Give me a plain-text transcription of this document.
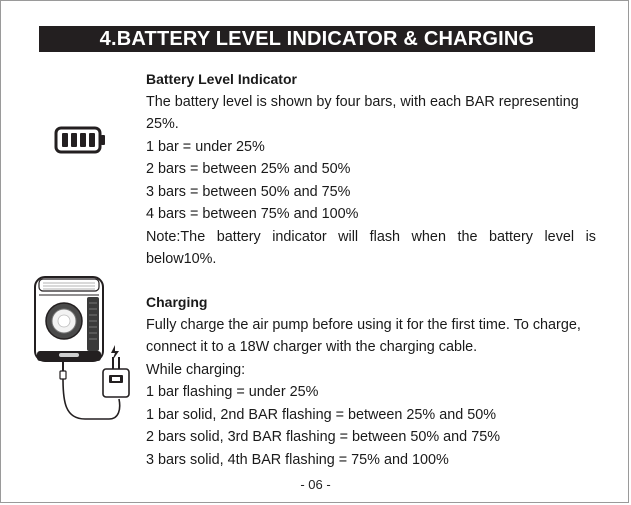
4.BATTERY LEVEL INDICATOR & CHARGING
Battery Level Indicator
The battery level is shown by four bars, with each BAR representing
25%.
1 bar = under 25%
2 bars = between 25% and 50%
3 bars = between 50% and 75%
4 bars = between 75% and 100%
Note:The battery indicator will flash when the battery level is below10%.
Charging
Fully charge the air pump before using it for the first time. To charge,
connect it to a 18W charger with the charging cable.
While charging:
1 bar flashing = under 25%
1 bar solid, 2nd BAR flashing = between 25% and 50%
2 bars solid, 3rd BAR flashing = between 50% and 75%
3 bars solid, 4th BAR flashing = 75% and 100%
- 06 -
